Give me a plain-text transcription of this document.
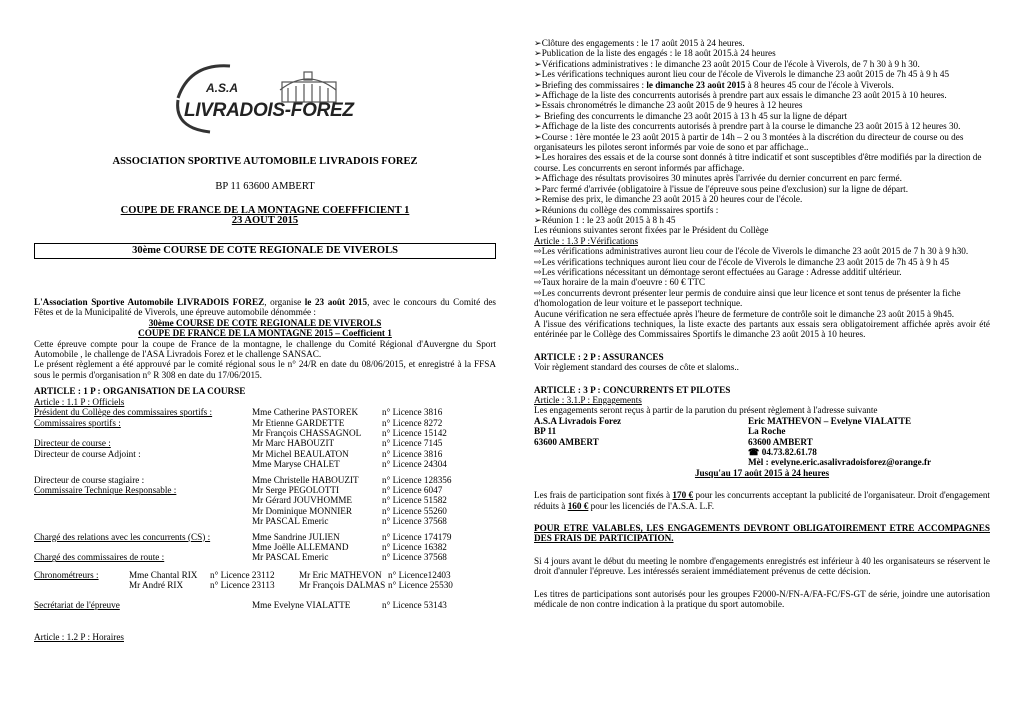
A.S.A
LIVRADOIS-FOREZ
ASSOCIATION SPORTIVE AUTOMOBILE LIVRADOIS FOREZ
BP 11 63600 AMBERT
COUPE DE FRANCE DE LA MONTAGNE COEFFFICIENT 1
23 AOUT 2015
30ème COURSE DE COTE REGIONALE DE VIVEROLS

L'Association Sportive Automobile LIVRADOIS FOREZ, organise le 23 août 2015, avec le concours du Comité des Fêtes et de la Municipalité de Viverols, une épreuve automobile dénommée :

30ème COURSE DE COTE REGIONALE DE VIVEROLS
COUPE DE FRANCE DE LA MONTAGNE 2015 – Coefficient 1

Cette épreuve compte pour la coupe de France de la montagne, le challenge du Comité Régional d'Auvergne du Sport Automobile , le challenge de l'ASA Livradois Forez et le challenge SANSAC.

Le présent règlement a été approuvé par le comité régional sous le n° 24/R en date du 08/06/2015, et enregistré à la FFSA sous le permis d'organisation n° R 308 en date du 17/06/2015.

ARTICLE : 1 P : ORGANISATION DE LA COURSE
Article : 1.1 P : Officiels
Président du Collège des commissaires sportifs :	Mme Catherine PASTOREK	n° Licence 3816
Commissaires sportifs :	Mr Etienne GARDETTE	n° Licence 8272
	Mr François CHASSAGNOL	n° Licence 15142
Directeur de course :	Mr Marc HABOUZIT	n° Licence 7145
Directeur de course Adjoint :	Mr Michel BEAULATON	n° Licence 3816
	Mme Maryse CHALET	n° Licence 24304

Directeur de course stagiaire :	Mme Christelle HABOUZIT	n° Licence 128356
Commissaire Technique Responsable :	Mr Serge PEGOLOTTI	n° Licence 6047
	Mr Gérard JOUVHOMME	n° Licence 51582
	Mr Dominique MONNIER	n° Licence 55260
	Mr PASCAL Emeric	n° Licence 37568

Chargé des relations avec les concurrents (CS) :	Mme Sandrine JULIEN	n° Licence 174179
	Mme Joëlle ALLEMAND	n° Licence 16382
Chargé des commissaires de route :	Mr PASCAL Emeric	n° Licence 37568
Chronométreurs :	Mme Chantal RIX n° Licence 23112	Mr Eric MATHEVON n° Licence12403
Mr André RIX	n° Licence 23113	Mr François DALMAS n° Licence 25530
Secrétariat de l'épreuve	Mme Evelyne VIALATTE	n° Licence 53143
Article : 1.2 P : Horaires
➢Clôture des engagements : le 17 août 2015 à 24 heures.
➢Publication de la liste des engagés : le 18 août 2015.à 24 heures
➢Vérifications administratives : le dimanche 23 août 2015 Cour de l'école à Viverols, de 7 h 30 à 9 h 30.
➢Les vérifications techniques auront lieu cour de l'école de Viverols le dimanche 23 août 2015 de 7h 45 à 9 h 45
➢Briefing des commissaires : le dimanche 23 août 2015 à 8 heures 45 cour de l'école à Viverols.
➢Affichage de la liste des concurrents autorisés à prendre part aux essais le dimanche 23 août 2015 à 10 heures.
➢Essais chronométrés le dimanche 23 août 2015 de 9 heures à 12 heures
➢ Briefing des concurrents le dimanche 23 août 2015 à 13 h 45 sur la ligne de départ
➢Affichage de la liste des concurrents autorisés à prendre part à la course le dimanche 23 août 2015 à 12 heures 30.
➢Course : 1ère montée le 23 août 2015 à partir de 14h – 2 ou 3 montées à la discrétion du directeur de course ou des organisateurs les pilotes seront informés par voie de sono et par affichage..
➢Les horaires des essais et de la course sont donnés à titre indicatif et sont susceptibles d'être modifiés par la direction de course. Les concurrents en seront informés par affichage.
➢Affichage des résultats provisoires 30 minutes après l'arrivée du dernier concurrent en parc fermé.
➢Parc fermé d'arrivée (obligatoire à l'issue de l'épreuve sous peine d'exclusion) sur la ligne de départ.
➢Remise des prix, le dimanche 23 août 2015 à 20 heures cour de l'école.
➢Réunions du collège des commissaires sportifs :
➢Réunion 1 : le 23 août 2015 à 8 h 45
Les réunions suivantes seront fixées par le Président du Collège
Article : 1.3 P :Vérifications
⇨Les vérifications administratives auront lieu cour de l'école de Viverols le dimanche 23 août 2015 de 7 h 30 à 9 h30.
⇨Les vérifications techniques auront lieu cour de l'école de Viverols le dimanche 23 août 2015 de 7h 45 à 9 h 45
⇨Les vérifications nécessitant un démontage seront effectuées au Garage : Adresse additif ultérieur.
⇨Taux horaire de la main d'oeuvre : 60 € TTC
⇨Les concurrents devront présenter leur permis de conduire ainsi que leur licence et sont tenus de présenter la fiche d'homologation de leur voiture et le passeport technique.

Aucune vérification ne sera effectuée après l'heure de fermeture de contrôle soit le dimanche 23 août 2015 à 9h45.

A l'issue des vérifications techniques, la liste exacte des partants aux essais sera obligatoirement affichée après avoir été entérinée par le Collège des Commissaires Sportifs le dimanche 23 août 2015 à 10 heures.

ARTICLE : 2 P : ASSURANCES
Voir règlement standard des courses de côte et slaloms..
ARTICLE : 3 P : CONCURRENTS ET PILOTES
Article : 3.1.P : Engagements
Les engagements seront reçus à partir de la parution du présent règlement à l'adresse suivante
A.S.A Livradois Forez
BP 11
63600 AMBERT
Eric MATHEVON – Evelyne VIALATTE
La Roche
63600 AMBERT
☎ 04.73.82.61.78
Mèl : evelyne.eric.asalivradoisforez@orange.fr
Jusqu'au 17 août 2015 à 24 heures

Les frais de participation sont fixés à 170 € pour les concurrents acceptant la publicité de l'organisateur. Droit d'engagement réduits à 160 € pour les licenciés de l'A.S.A. L.F.

POUR ETRE VALABLES, LES ENGAGEMENTS DEVRONT OBLIGATOIREMENT ETRE ACCOMPAGNES DES FRAIS DE PARTICIPATION.

Si 4 jours avant le début du meeting le nombre d'engagements enregistrés est inférieur à 40 les organisateurs se réservent le droit d'annuler l'épreuve. Les intéressés seraient immédiatement prévenus de cette décision.

Les titres de participations sont autorisés pour les groupes F2000-N/FN-A/FA-FC/FS-GT de série, joindre une autorisation médicale de non contre indication à la pratique du sport automobile.
